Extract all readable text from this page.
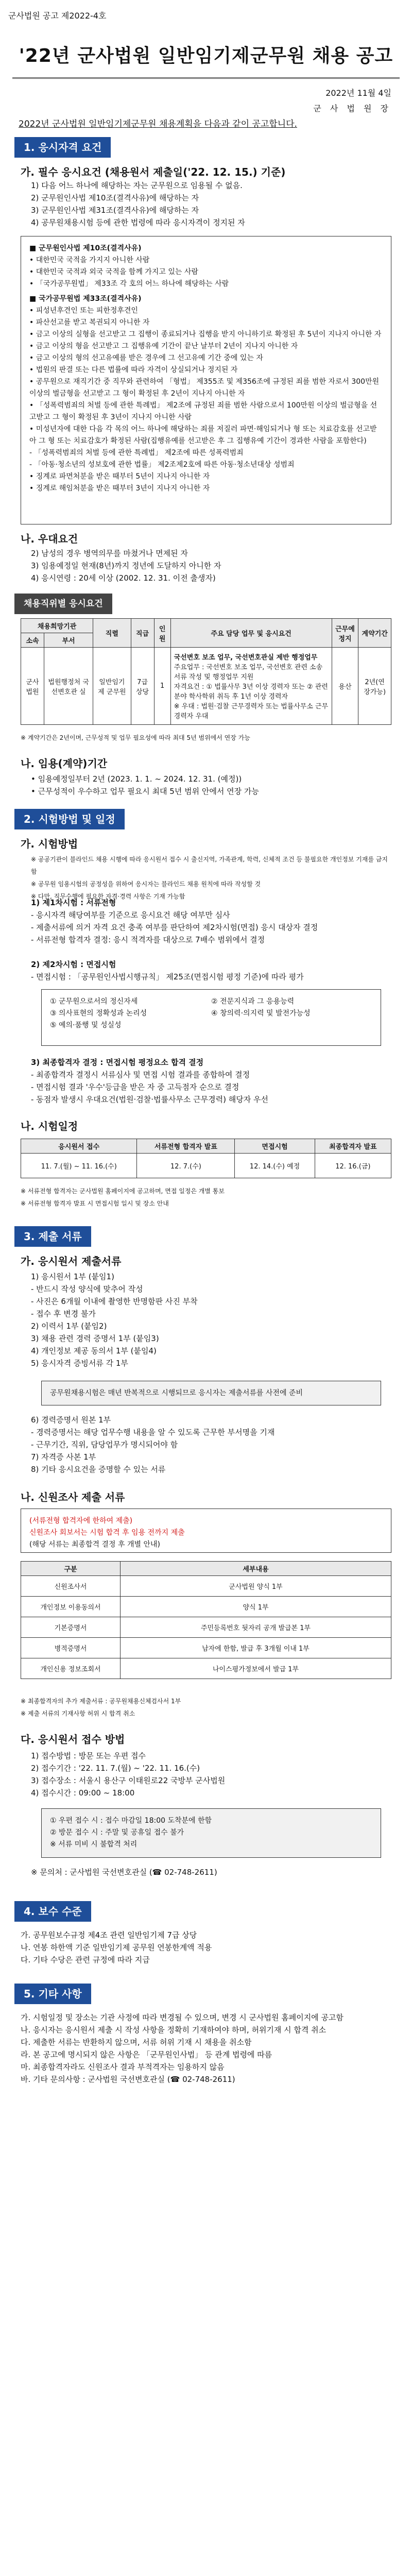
군사법원 공고 제2022-4호
'22년 군사법원 일반임기제군무원 채용 공고
2022년 11월 4일
군 사 법 원 장
2022년 군사법원 일반임기제군무원 채용계획을 다음과 같이 공고합니다.
1. 응시자격 요건
가. 필수 응시요건 (채용원서 제출일('22. 12. 15.) 기준)
1) 다음 어느 하나에 해당하는 자는 군무원으로 임용될 수 없음.
2) 군무원인사법 제10조(결격사유)에 해당하는 자
3) 군무원인사법 제31조(결격사유)에 해당하는 자
4) 공무원채용시험 등에 관한 법령에 따라 응시자격이 정지된 자
■ 군무원인사법 제10조(결격사유)
• 대한민국 국적을 가지지 아니한 사람
• 대한민국 국적과 외국 국적을 함께 가지고 있는 사람
• 「국가공무원법」 제33조 각 호의 어느 하나에 해당하는 사람
■ 국가공무원법 제33조(결격사유)
• 피성년후견인 또는 피한정후견인
• 파산선고를 받고 복권되지 아니한 자
• 금고 이상의 실형을 선고받고 그 집행이 종료되거나 집행을 받지 아니하기로 확정된 후 5년이 지나지 아니한 자
• 금고 이상의 형을 선고받고 그 집행유예 기간이 끝난 날부터 2년이 지나지 아니한 자
• 금고 이상의 형의 선고유예를 받은 경우에 그 선고유예 기간 중에 있는 자
• 법원의 판결 또는 다른 법률에 따라 자격이 상실되거나 정지된 자
• 공무원으로 재직기간 중 직무와 관련하여 「형법」 제355조 및 제356조에 규정된 죄를 범한 자로서 300만원 이상의 벌금형을 선고받고 그 형이 확정된 후 2년이 지나지 아니한 자
• 「성폭력범죄의 처벌 등에 관한 특례법」 제2조에 규정된 죄를 범한 사람으로서 100만원 이상의 벌금형을 선고받고 그 형이 확정된 후 3년이 지나지 아니한 사람
• 미성년자에 대한 다음 각 목의 어느 하나에 해당하는 죄를 저질러 파면·해임되거나 형 또는 치료감호를 선고받아 그 형 또는 치료감호가 확정된 사람(집행유예를 선고받은 후 그 집행유예 기간이 경과한 사람을 포함한다)
- 「성폭력범죄의 처벌 등에 관한 특례법」 제2조에 따른 성폭력범죄
- 「아동·청소년의 성보호에 관한 법률」 제2조제2호에 따른 아동·청소년대상 성범죄
• 징계로 파면처분을 받은 때부터 5년이 지나지 아니한 자
• 징계로 해임처분을 받은 때부터 3년이 지나지 아니한 자
나. 우대요건
2) 남성의 경우 병역의무를 마쳤거나 면제된 자
3) 임용예정일 현재(8년)까지 정년에 도달하지 아니한 자
4) 응시연령 : 20세 이상 (2002. 12. 31. 이전 출생자)
채용직위별 응시요건
채용희망기관		직렬	직급	인원	주요 담당 업무 및 응시요건	근무예정지	계약기간
소속	부서						
군사법원	법원행정처 국선변호관 실	일반임기제 군무원	7급 상당	1	국선변호 보조 업무, 국선변호관실 제반 행정업무
주요업무 : 국선변호 보조 업무, 국선변호 관련 소송서류 작성 및 행정업무 지원
자격요건 : ① 법률사무 3년 이상 경력자 또는 ② 관련분야 학사학위 취득 후 1년 이상 경력자
※ 우대 : 법원·검찰 근무경력자 또는 법률사무소 근무 경력자 우대	용산	2년(연장가능)
※ 계약기간은 2년이며, 근무성적 및 업무 필요성에 따라 최대 5년 범위에서 연장 가능
나. 임용(계약)기간
• 임용예정일부터 2년 (2023. 1. 1. ~ 2024. 12. 31. (예정))
• 근무성적이 우수하고 업무 필요시 최대 5년 범위 안에서 연장 가능
2. 시험방법 및 일정
가. 시험방법
※ 공공기관이 블라인드 채용 시행에 따라 응시원서 접수 시 출신지역, 가족관계, 학력, 신체적 조건 등 불필요한 개인정보 기재를 금지함
※ 공무원 임용시험의 공정성을 위하여 응시자는 블라인드 채용 원칙에 따라 작성할 것
※ 다만, 직무수행에 필요한 자격·경력 사항은 기재 가능함
1) 제1차시험 : 서류전형
- 응시자격 해당여부를 기준으로 응시요건 해당 여부만 심사
- 제출서류에 의거 자격 요건 충족 여부를 판단하여 제2차시험(면접) 응시 대상자 결정
- 서류전형 합격자 결정: 응시 적격자를 대상으로 7배수 범위에서 결정
2) 제2차시험 : 면접시험
- 면접시험 : 「공무원인사법시행규칙」 제25조(면접시험 평정 기준)에 따라 평가
① 군무원으로서의 정신자세	② 전문지식과 그 응용능력
③ 의사표현의 정확성과 논리성	④ 창의력·의지력 및 발전가능성
⑤ 예의·품행 및 성실성
3) 최종합격자 결정 : 면접시험 평정요소 합격 결정
- 최종합격자 결정시 서류심사 및 면접 시험 결과를 종합하여 결정
- 면접시험 결과 '우수'등급을 받은 자 중 고득점자 순으로 결정
- 동점자 발생시 우대요건(법원·검찰·법률사무소 근무경력) 해당자 우선
나. 시험일정
응시원서 접수	서류전형 합격자 발표	면접시험	최종합격자 발표
11. 7.(월) ~ 11. 16.(수)	12. 7.(수)	12. 14.(수) 예정	12. 16.(금)
※ 서류전형 합격자는 군사법원 홈페이지에 공고하며, 면접 일정은 개별 통보
※ 서류전형 합격자 발표 시 면접시험 일시 및 장소 안내
3. 제출 서류
가. 응시원서 제출서류
1) 응시원서 1부 (붙임1)
- 반드시 작성 양식에 맞추어 작성
- 사진은 6개월 이내에 촬영한 반명함판 사진 부착
- 접수 후 변경 불가
2) 이력서 1부 (붙임2)
3) 채용 관련 경력 증명서 1부 (붙임3)
4) 개인정보 제공 동의서 1부 (붙임4)
5) 응시자격 증빙서류 각 1부
공무원채용시험은 매년 반복적으로 시행되므로 응시자는 제출서류를 사전에 준비
6) 경력증명서 원본 1부
- 경력증명서는 해당 업무수행 내용을 알 수 있도록 근무한 부서명을 기재
- 근무기간, 직위, 담당업무가 명시되어야 함
7) 자격증 사본 1부
8) 기타 응시요건을 증명할 수 있는 서류
나. 신원조사 제출 서류
(서류전형 합격자에 한하여 제출)
신원조사 회보서는 시험 합격 후 임용 전까지 제출
(해당 서류는 최종합격 결정 후 개별 안내)
구분	세부내용
신원조사서	군사법원 양식 1부
개인정보 이용동의서	양식 1부
기본증명서	주민등록번호 뒷자리 공개 발급본 1부
병적증명서	남자에 한함, 발급 후 3개월 이내 1부
개인신용 정보조회서	나이스평가정보에서 발급 1부
※ 최종합격자의 추가 제출서류 : 공무원채용신체검사서 1부
※ 제출 서류의 기재사항 허위 시 합격 취소
다. 응시원서 접수 방법
1) 접수방법 : 방문 또는 우편 접수
2) 접수기간 : '22. 11. 7.(월) ~ '22. 11. 16.(수)
3) 접수장소 : 서울시 용산구 이태원로22 국방부 군사법원
4) 접수시간 : 09:00 ~ 18:00
① 우편 접수 시 : 접수 마감일 18:00 도착분에 한함
② 방문 접수 시 : 주말 및 공휴일 접수 불가
※ 서류 미비 시 불합격 처리
※ 문의처 : 군사법원 국선변호관실 (☎ 02-748-2611)
4. 보수 수준
가. 공무원보수규정 제4조 관련 일반임기제 7급 상당
나. 연봉 하한액 기준 일반임기제 공무원 연봉한계액 적용
다. 기타 수당은 관련 규정에 따라 지급
5. 기타 사항
가. 시험일정 및 장소는 기관 사정에 따라 변경될 수 있으며, 변경 시 군사법원 홈페이지에 공고함
나. 응시자는 응시원서 제출 시 작성 사항을 정확히 기재하여야 하며, 허위기재 시 합격 취소
다. 제출한 서류는 반환하지 않으며, 서류 허위 기재 시 채용을 취소함
라. 본 공고에 명시되지 않은 사항은 「군무원인사법」 등 관계 법령에 따름
마. 최종합격자라도 신원조사 결과 부적격자는 임용하지 않음
바. 기타 문의사항 : 군사법원 국선변호관실 (☎ 02-748-2611)
